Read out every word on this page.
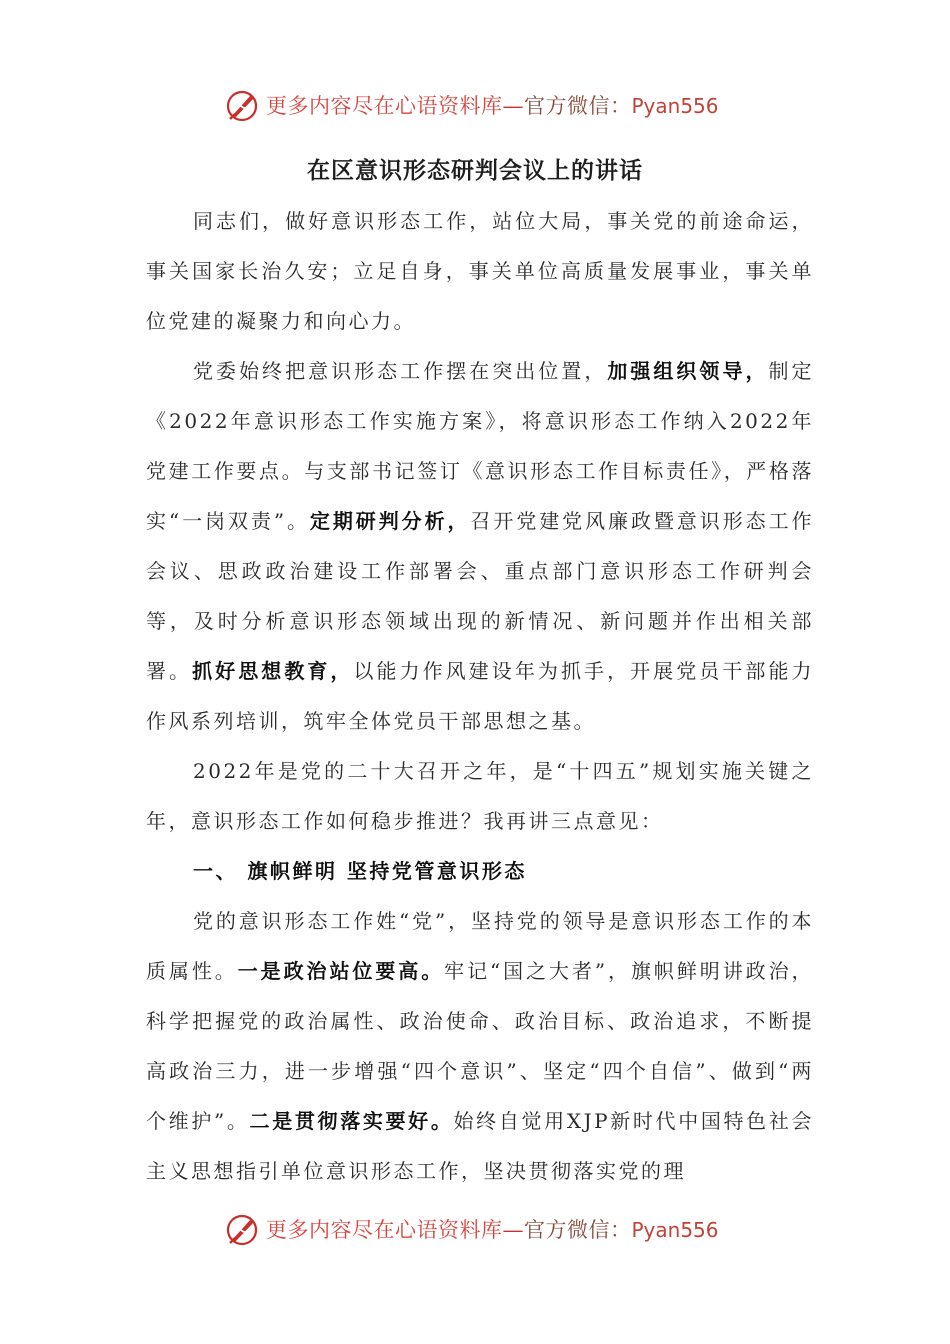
更多内容尽在心语资料库—官方微信：Pyan556
在区意识形态研判会议上的讲话

同志们，做好意识形态工作，站位大局，事关党的前途命运，事关国家长治久安；立足自身，事关单位高质量发展事业，事关单位党建的凝聚力和向心力。

党委始终把意识形态工作摆在突出位置，加强组织领导，制定《2022年意识形态工作实施方案》，将意识形态工作纳入2022年党建工作要点。与支部书记签订《意识形态工作目标责任》，严格落实“一岗双责”。定期研判分析，召开党建党风廉政暨意识形态工作会议、思政政治建设工作部署会、重点部门意识形态工作研判会等，及时分析意识形态领域出现的新情况、新问题并作出相关部署。抓好思想教育，以能力作风建设年为抓手，开展党员干部能力作风系列培训，筑牢全体党员干部思想之基。

2022年是党的二十大召开之年，是“十四五”规划实施关键之年，意识形态工作如何稳步推进？我再讲三点意见：

一、 旗帜鲜明 坚持党管意识形态

党的意识形态工作姓“党”，坚持党的领导是意识形态工作的本质属性。一是政治站位要高。牢记“国之大者”，旗帜鲜明讲政治，科学把握党的政治属性、政治使命、政治目标、政治追求，不断提高政治三力，进一步增强“四个意识”、坚定“四个自信”、做到“两个维护”。二是贯彻落实要好。始终自觉用XJP新时代中国特色社会主义思想指引单位意识形态工作，坚决贯彻落实党的理

更多内容尽在心语资料库—官方微信：Pyan556
